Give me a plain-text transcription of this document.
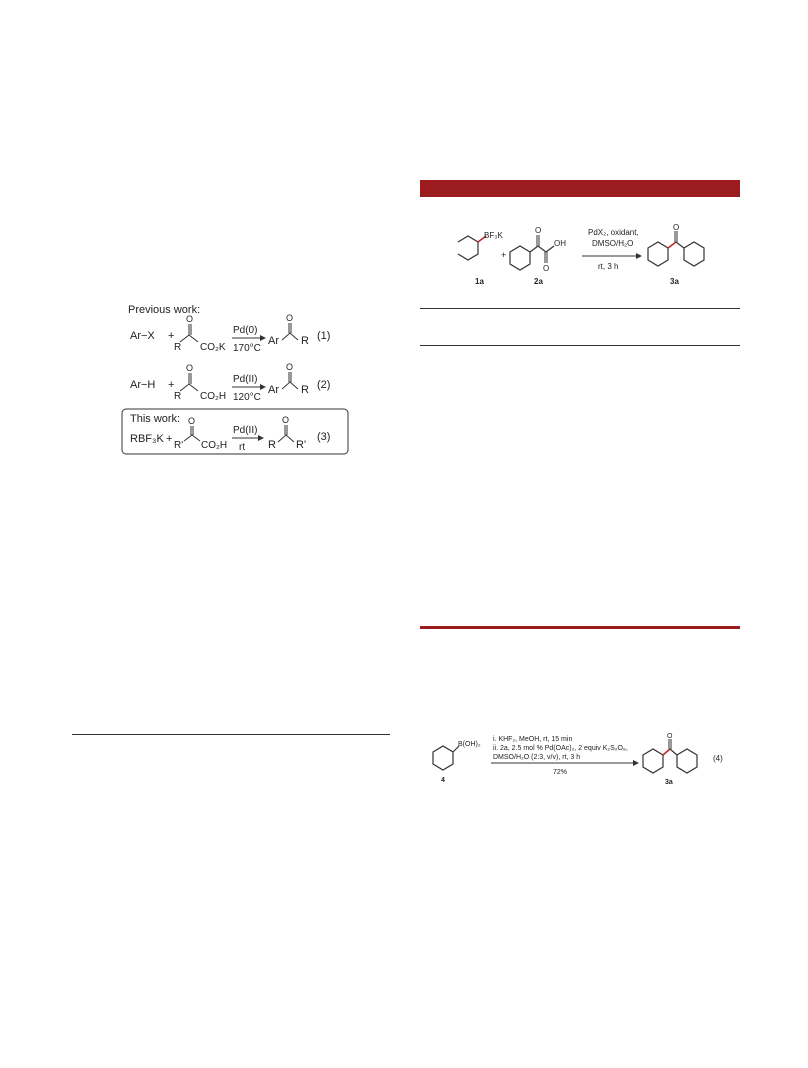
Previous work:
Ar−X +
R
O
CO₂K
Pd(0)
170°C
Ar
O
R (1)
Ar−H +
R
O
CO₂H
Pd(II)
120°C
Ar
O
R (2)
This work:
RBF₃K +
R'
O
CO₂H
Pd(II)
rt R
O
R'
(3)
BF₃K
1a
+
O
O
OH
2a
PdX₂, oxidant,
DMSO/H₂O
rt, 3 h
O
3a
B(OH)₂
4
i. KHF₂, MeOH, rt, 15 min
ii. 2a, 2.5 mol % Pd(OAc)₂, 2 equiv K₂S₂O₈,
DMSO/H₂O (2:3, v/v), rt, 3 h
72%
O
3a
(4)
